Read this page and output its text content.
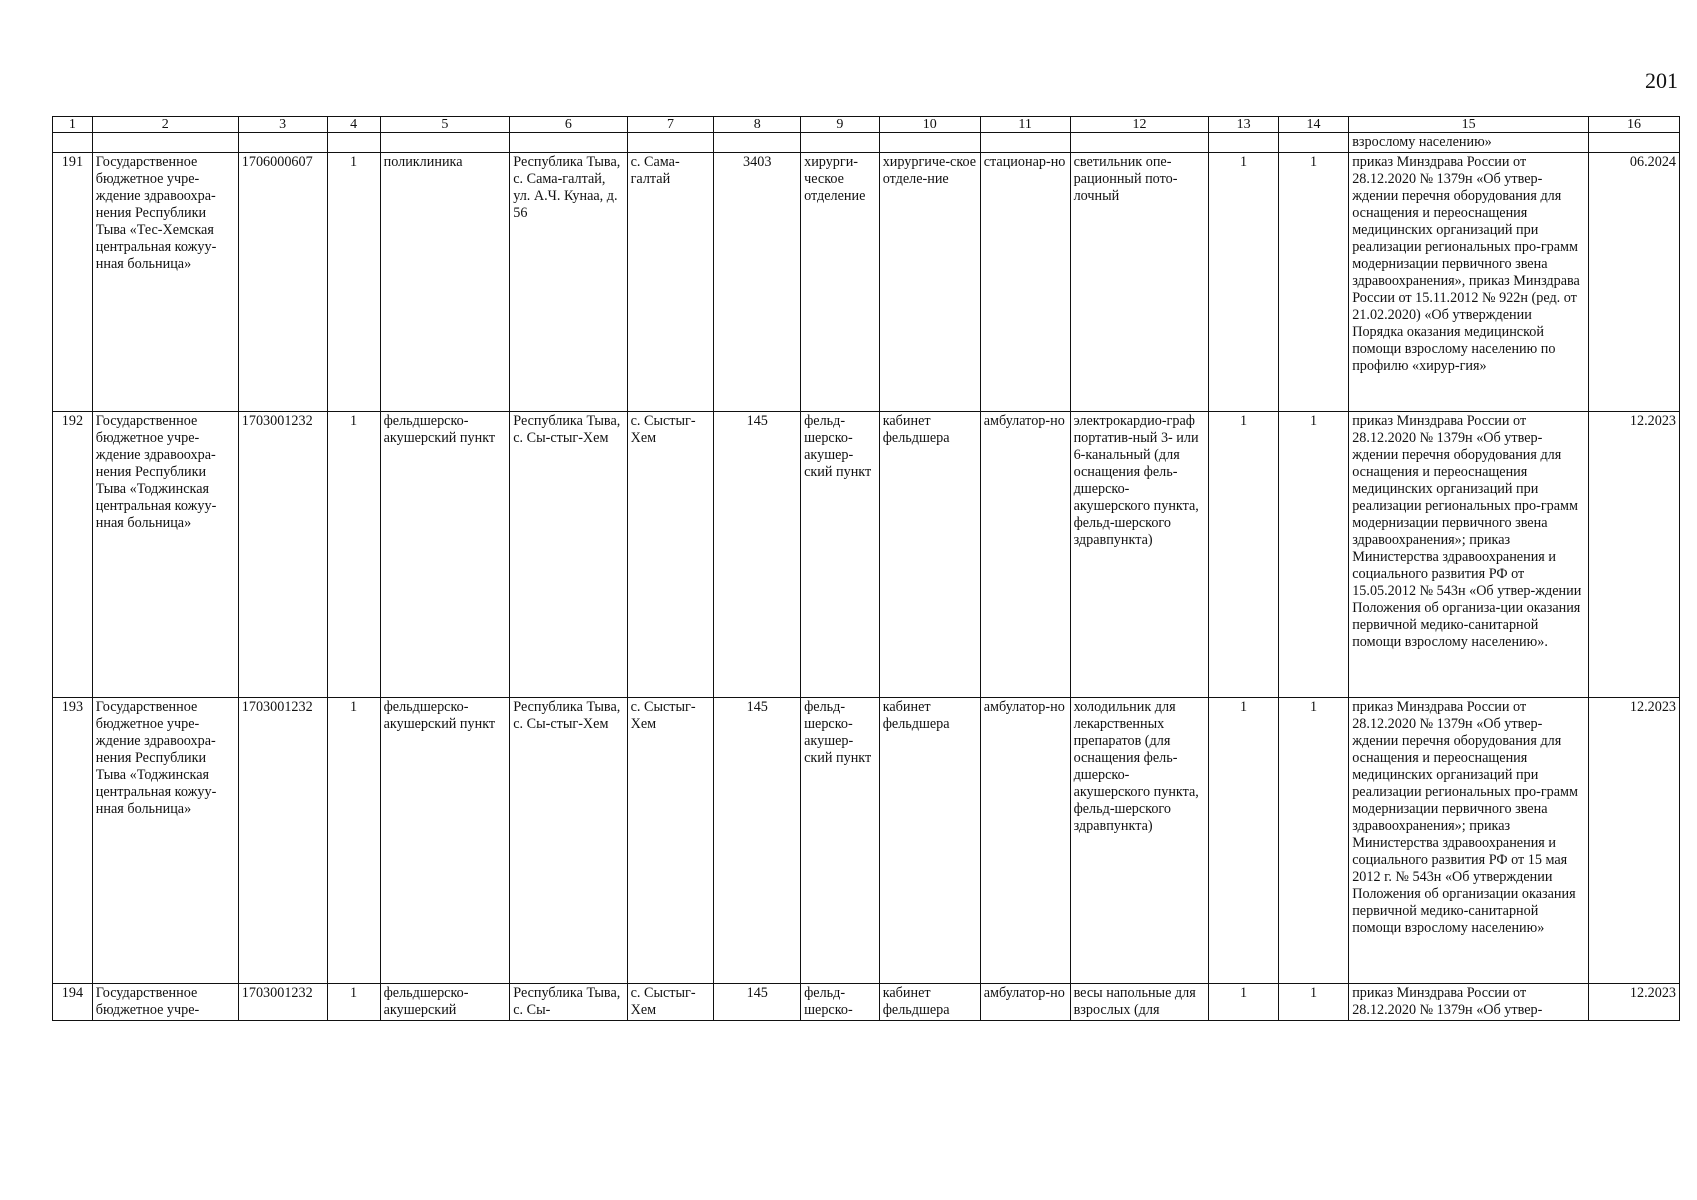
201
1	2	3	4	5	6	7	8	9	10	11	12	13	14	15	16
														взрослому населению»	
191	Государственное бюджетное учре-ждение здравоохра-нения Республики Тыва «Тес-Хемская центральная кожуу-нная больница»	1706000607	1	поликлиника	Республика Тыва, с. Сама-галтай, ул. А.Ч. Кунаа, д. 56	с. Сама-галтай	3403	хирурги-ческое отделение	хирургиче-ское отделе-ние	стационар-но	светильник опе-рационный пото-лочный	1	1	приказ Минздрава России от 28.12.2020 № 1379н «Об утвер-ждении перечня оборудования для оснащения и переоснащения медицинских организаций при реализации региональных про-грамм модернизации первичного звена здравоохранения», приказ Минздрава России от 15.11.2012 № 922н (ред. от 21.02.2020) «Об утверждении Порядка оказания медицинской помощи взрослому населению по профилю «хирур-гия»	06.2024
192	Государственное бюджетное учре-ждение здравоохра-нения Республики Тыва «Тоджинская центральная кожуу-нная больница»	1703001232	1	фельдшерско-акушерский пункт	Республика Тыва, с. Сы-стыг-Хем	с. Сыстыг-Хем	145	фельд-шерско-акушер-ский пункт	кабинет фельдшера	амбулатор-но	электрокардио-граф портатив-ный 3- или 6-канальный (для оснащения фель-дшерско-акушерского пункта, фельд-шерского здравпункта)	1	1	приказ Минздрава России от 28.12.2020 № 1379н «Об утвер-ждении перечня оборудования для оснащения и переоснащения медицинских организаций при реализации региональных про-грамм модернизации первичного звена здравоохранения»; приказ Министерства здравоохранения и социального развития РФ от 15.05.2012 № 543н «Об утвер-ждении Положения об организа-ции оказания первичной медико-санитарной помощи взрослому населению».	12.2023
193	Государственное бюджетное учре-ждение здравоохра-нения Республики Тыва «Тоджинская центральная кожуу-нная больница»	1703001232	1	фельдшерско-акушерский пункт	Республика Тыва, с. Сы-стыг-Хем	с. Сыстыг-Хем	145	фельд-шерско-акушер-ский пункт	кабинет фельдшера	амбулатор-но	холодильник для лекарственных препаратов (для оснащения фель-дшерско-акушерского пункта, фельд-шерского здравпункта)	1	1	приказ Минздрава России от 28.12.2020 № 1379н «Об утвер-ждении перечня оборудования для оснащения и переоснащения медицинских организаций при реализации региональных про-грамм модернизации первичного звена здравоохранения»; приказ Министерства здравоохранения и социального развития РФ от 15 мая 2012 г. № 543н «Об утверждении Положения об организации оказания первичной медико-санитарной помощи взрослому населению»	12.2023
194	Государственное бюджетное учре-	1703001232	1	фельдшерско-акушерский	Республика Тыва, с. Сы-	с. Сыстыг-Хем	145	фельд-шерско-	кабинет фельдшера	амбулатор-но	весы напольные для взрослых (для	1	1	приказ Минздрава России от 28.12.2020 № 1379н «Об утвер-	12.2023
